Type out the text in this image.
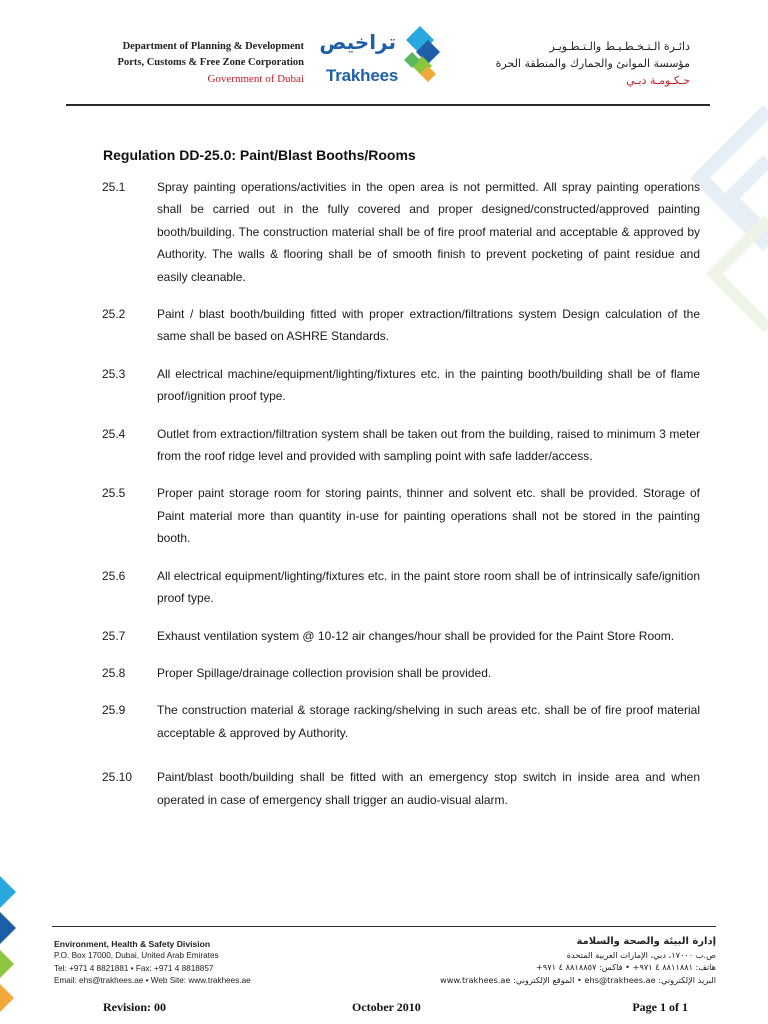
Department of Planning & Development
Ports, Customs & Free Zone Corporation
Government of Dubai
تراخيص
Trakhees
دائـرة الـتـخـطـيـط والـتـطـويـر
مؤسسة الموانئ والجمارك والمنطقة الحرة
حـكـومـة دبـي
Regulation DD-25.0: Paint/Blast Booths/Rooms
25.1	Spray painting operations/activities in the open area is not permitted. All spray painting operations shall be carried out in the fully covered and proper designed/constructed/approved painting booth/building. The construction material shall be of fire proof material and acceptable & approved by Authority. The walls & flooring shall be of smooth finish to prevent pocketing of paint residue and easily cleanable.
25.2	Paint / blast booth/building fitted with proper extraction/filtrations system Design calculation of the same shall be based on ASHRE Standards.
25.3	All electrical machine/equipment/lighting/fixtures etc. in the painting booth/building shall be of flame proof/ignition proof type.
25.4	Outlet from extraction/filtration system shall be taken out from the building, raised to minimum 3 meter from the roof ridge level and provided with sampling point with safe ladder/access.
25.5	Proper paint storage room for storing paints, thinner and solvent etc. shall be provided. Storage of Paint material more than quantity in-use for painting operations shall not be stored in the painting booth.
25.6	All electrical equipment/lighting/fixtures etc. in the paint store room shall be of intrinsically safe/ignition proof type.
25.7	Exhaust ventilation system @ 10-12 air changes/hour shall be provided for the Paint Store Room.
25.8	Proper Spillage/drainage collection provision shall be provided.
25.9	The construction material & storage racking/shelving in such areas etc. shall be of fire proof material acceptable & approved by Authority.
25.10	Paint/blast booth/building shall be fitted with an emergency stop switch in inside area and when operated in case of emergency shall trigger an audio-visual alarm.
Environment, Health & Safety Division
P.O. Box 17000, Dubai, United Arab Emirates
Tel: +971 4 8821881 • Fax: +971 4 8818857
Email: ehs@trakhees.ae • Web Site: www.trakhees.ae
إدارة البيئة والصحة والسلامة
ص.ب ١٧٠٠٠، دبي، الإمارات العربية المتحدة
هاتف: ٨٨١١٨٨١ ٤ ٩٧١+ • فاكس: ٨٨١٨٨٥٧ ٤ ٩٧١+
البريد الإلكتروني: ehs@trakhees.ae • الموقع الإلكتروني: www.trakhees.ae
Revision: 00	October 2010	Page 1 of 1
